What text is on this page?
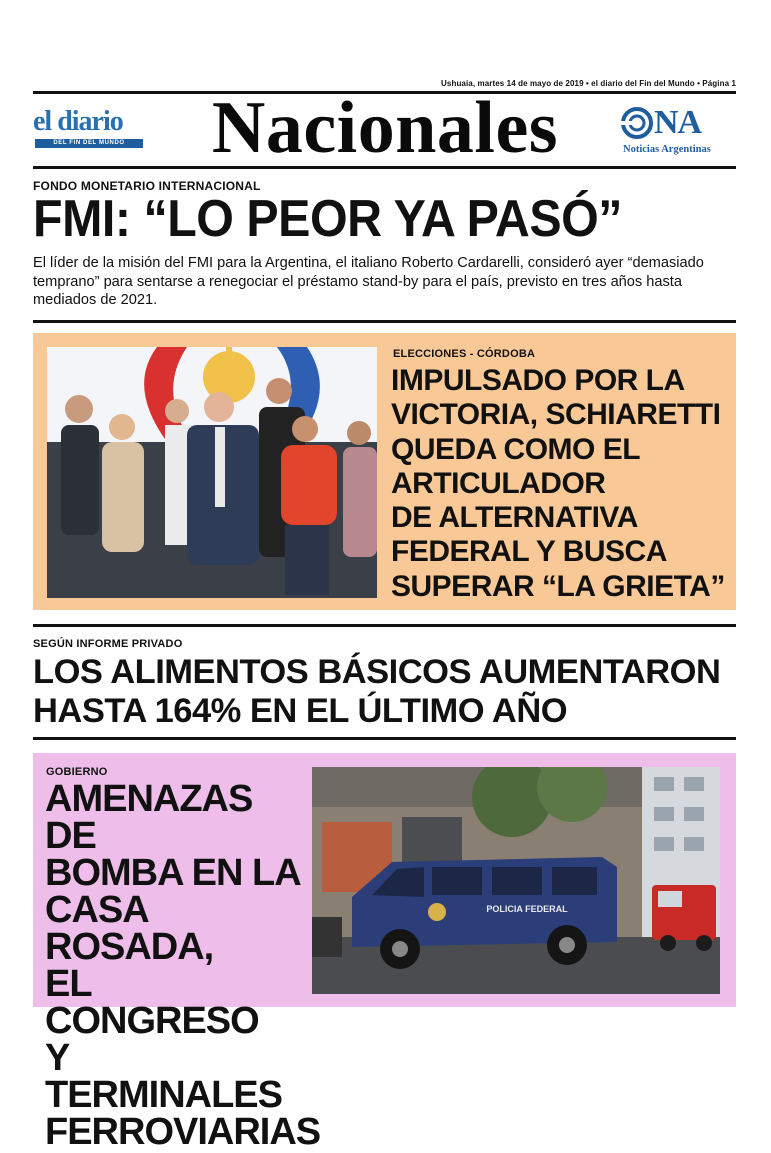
Ushuaia, martes 14 de mayo de 2019 • el diario del Fin del Mundo • Página 1
el diario
DEL FIN DEL MUNDO	Nacionales	NA
Noticias Argentinas
FONDO MONETARIO INTERNACIONAL
FMI: “LO PEOR YA PASÓ”
El líder de la misión del FMI para la Argentina, el italiano Roberto Cardarelli, consideró ayer “demasiado temprano” para sentarse a renegociar el préstamo stand-by para el país, previsto en tres años hasta mediados de 2021.
ELECCIONES - CÓRDOBA
IMPULSADO POR LA
VICTORIA, SCHIARETTI
QUEDA COMO EL
ARTICULADOR
DE ALTERNATIVA
FEDERAL Y BUSCA
SUPERAR “LA GRIETA”
SEGÚN INFORME PRIVADO
LOS ALIMENTOS BÁSICOS AUMENTARON
HASTA 164% EN EL ÚLTIMO AÑO
GOBIERNO
AMENAZAS DE
BOMBA EN LA
CASA ROSADA,
EL CONGRESO
Y TERMINALES
FERROVIARIAS
POLICIA FEDERAL
